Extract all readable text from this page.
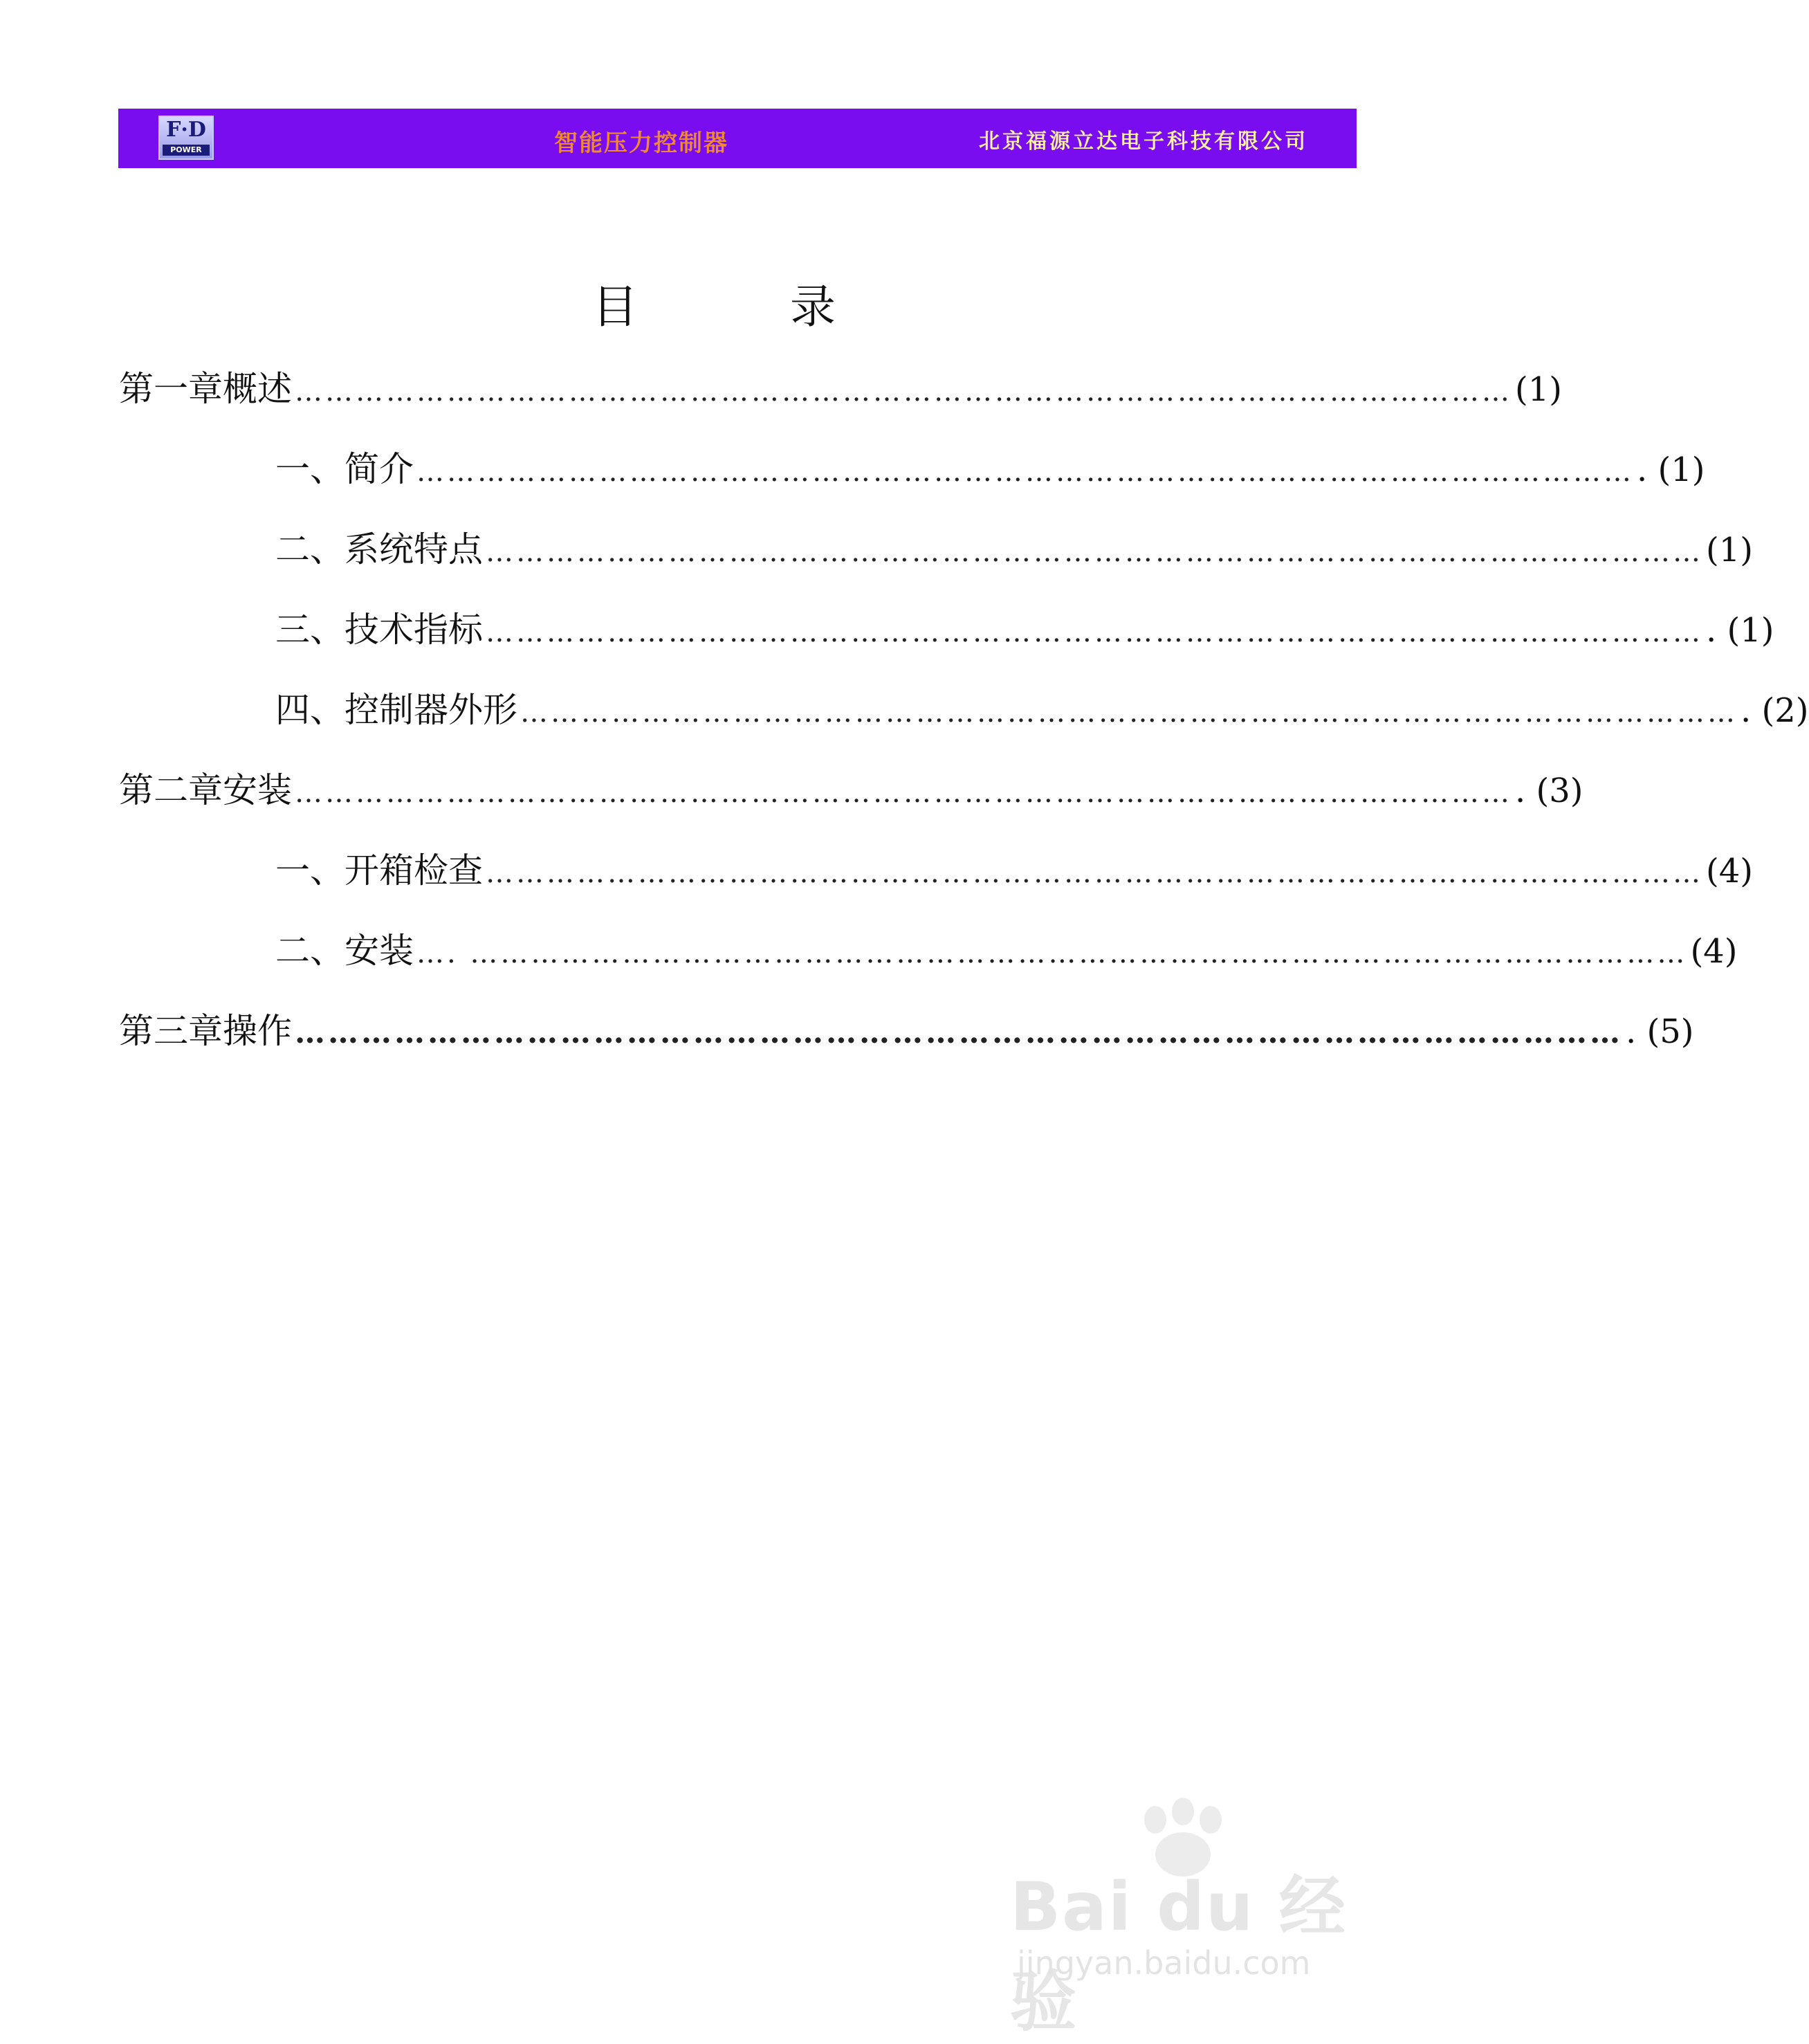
F·D
POWER	智能压力控制器	北京福源立达电子科技有限公司
目	录
第一章 概述 ………………………………………………………………………………………………………… (1)
一、简介 ………………………………………………………………………………………………………… . (1)
二、系统特点 ………………………………………………………………………………………………………… (1)
三、技术指标 ………………………………………………………………………………………………………… . (1)
四、控制器外形 ………………………………………………………………………………………………………… . (2)
第二章 安装 ………………………………………………………………………………………………………… . (3)
一、开箱检查 ………………………………………………………………………………………………………… (4)
二、安装 …. ………………………………………………………………………………………………………… (4)
第三章 操作 ………………………………………………………………………………………………………… . (5)
Bai du 经验
jingyan.baidu.com
